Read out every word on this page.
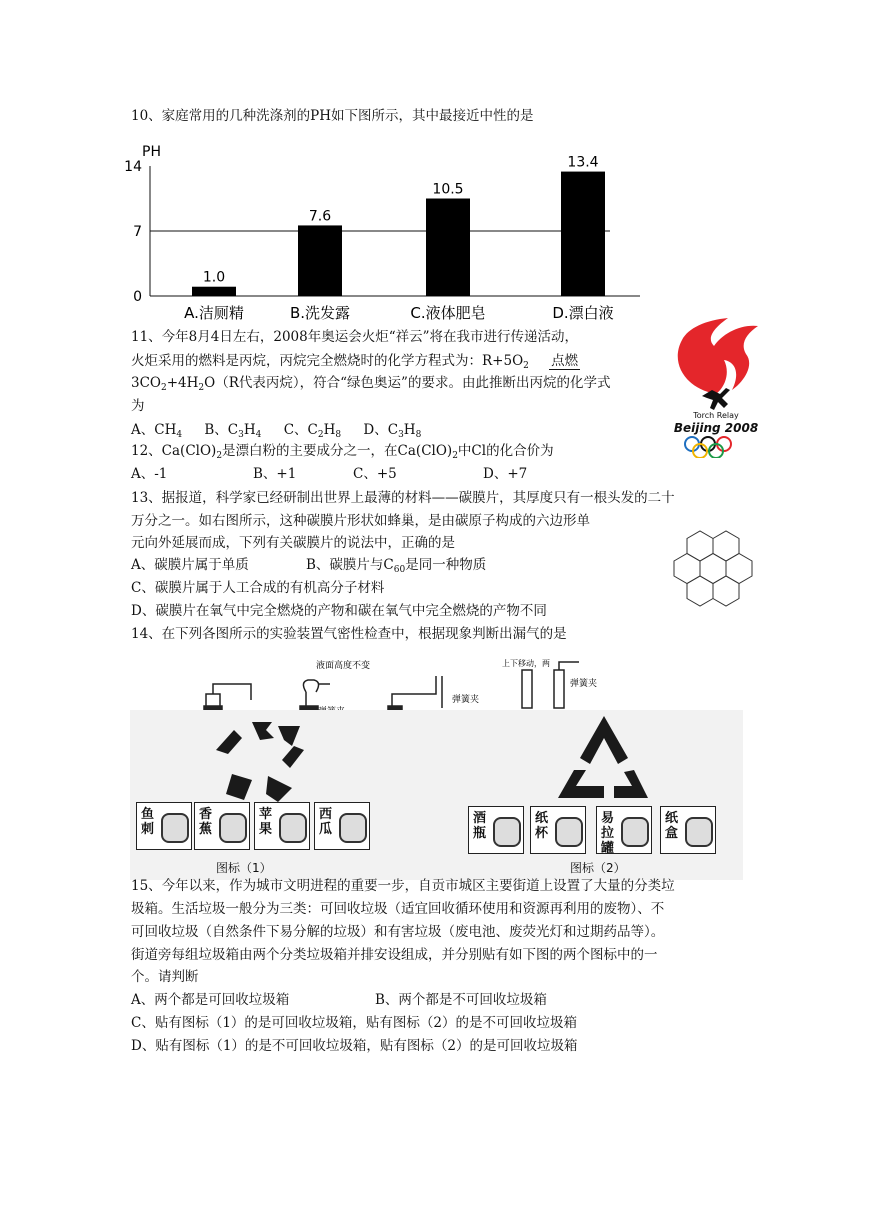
10、家庭常用的几种洗涤剂的PH如下图所示，其中最接近中性的是
PH
0
7
14
1.0
A.洁厕精
7.6
B.洗发露
10.5
C.液体肥皂
13.4
D.漂白液
11、今年8月4日左右，2008年奥运会火炬“祥云”将在我市进行传递活动，
火炬采用的燃料是丙烷，丙烷完全燃烧时的化学方程式为：$R+5O_2$ 点燃
$3CO_2+4H_2O(R$代表丙烷），符合“绿色奥运”的要求。由此推断出丙烷的化学式
为
A、$CH_4$ B、$C_3H_4$ C、$C_2H_8$ D、$C_3H_8$
Torch Relay
Beijing 2008
12、$Ca(ClO)_2$是漂白粉的主要成分之一，在$Ca(ClO)_2$中Cl的化合价为
A、-1	B、+1	C、+5	D、+7
13、据报道，科学家已经研制出世界上最薄的材料——碳膜片，其厚度只有一根头发的二十
万分之一。如右图所示，这种碳膜片形状如蜂巢，是由碳原子构成的六边形单
元向外延展而成，下列有关碳膜片的说法中，正确的是
A、碳膜片属于单质	B、碳膜片与$C_{60}$是同一种物质
C、碳膜片属于人工合成的有机高分子材料
D、碳膜片在氧气中完全燃烧的产物和碳在氧气中完全燃烧的产物不同
14、在下列各图所示的实验装置气密性检查中，根据现象判断出漏气的是
液面高度不变
弹簧夹
上下移动，两
弹簧夹
鱼
刺
香
蕉
苹
果
西
瓜
酒
瓶
纸
杯
易
拉
罐
纸
盒
图标（1）	图标（2）
15、今年以来，作为城市文明进程的重要一步，自贡市城区主要街道上设置了大量的分类垃
圾箱。生活垃圾一般分为三类：可回收垃圾（适宜回收循环使用和资源再利用的废物）、不
可回收垃圾（自然条件下易分解的垃圾）和有害垃圾（废电池、废荧光灯和过期药品等）。
街道旁每组垃圾箱由两个分类垃圾箱并排安设组成，并分别贴有如下图的两个图标中的一
个。请判断
A、两个都是可回收垃圾箱	B、两个都是不可回收垃圾箱
C、贴有图标（1）的是可回收垃圾箱，贴有图标（2）的是不可回收垃圾箱
D、贴有图标（1）的是不可回收垃圾箱，贴有图标（2）的是可回收垃圾箱
